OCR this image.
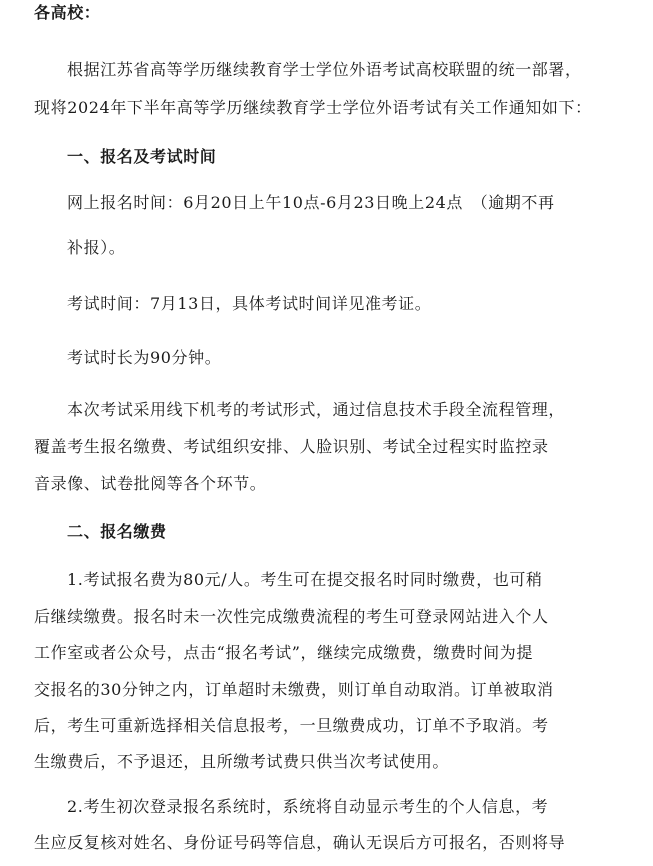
各高校：
根据江苏省高等学历继续教育学士学位外语考试高校联盟的统一部署，
现将2024年下半年高等学历继续教育学士学位外语考试有关工作通知如下：
一、报名及考试时间
网上报名时间：6月20日上午10点-6月23日晚上24点　（逾期不再
补报）。
考试时间：7月13日，具体考试时间详见准考证。
考试时长为90分钟。
本次考试采用线下机考的考试形式，通过信息技术手段全流程管理，
覆盖考生报名缴费、考试组织安排、人脸识别、考试全过程实时监控录
音录像、试卷批阅等各个环节。
二、报名缴费
1.考试报名费为80元/人。考生可在提交报名时同时缴费，也可稍
后继续缴费。报名时未一次性完成缴费流程的考生可登录网站进入个人
工作室或者公众号，点击“报名考试”，继续完成缴费，缴费时间为提
交报名的30分钟之内，订单超时未缴费，则订单自动取消。订单被取消
后，考生可重新选择相关信息报考，一旦缴费成功，订单不予取消。考
生缴费后，不予退还，且所缴考试费只供当次考试使用。
2.考生初次登录报名系统时，系统将自动显示考生的个人信息，考
生应反复核对姓名、身份证号码等信息，确认无误后方可报名，否则将导
